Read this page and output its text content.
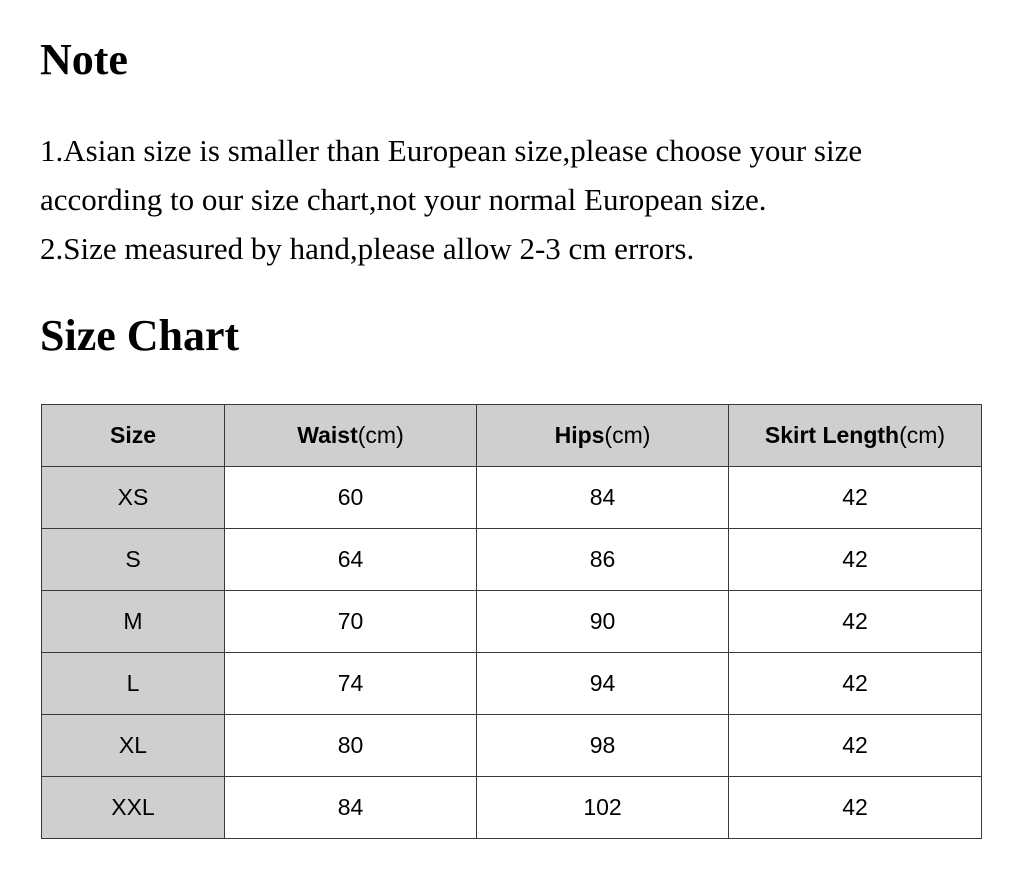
Note
1.Asian size is smaller than European size,please choose your size
according to our size chart,not your normal European size.
2.Size measured by hand,please allow 2-3 cm errors.
Size Chart
Size	Waist(cm)	Hips(cm)	Skirt Length(cm)
XS	60	84	42
S	64	86	42
M	70	90	42
L	74	94	42
XL	80	98	42
XXL	84	102	42
